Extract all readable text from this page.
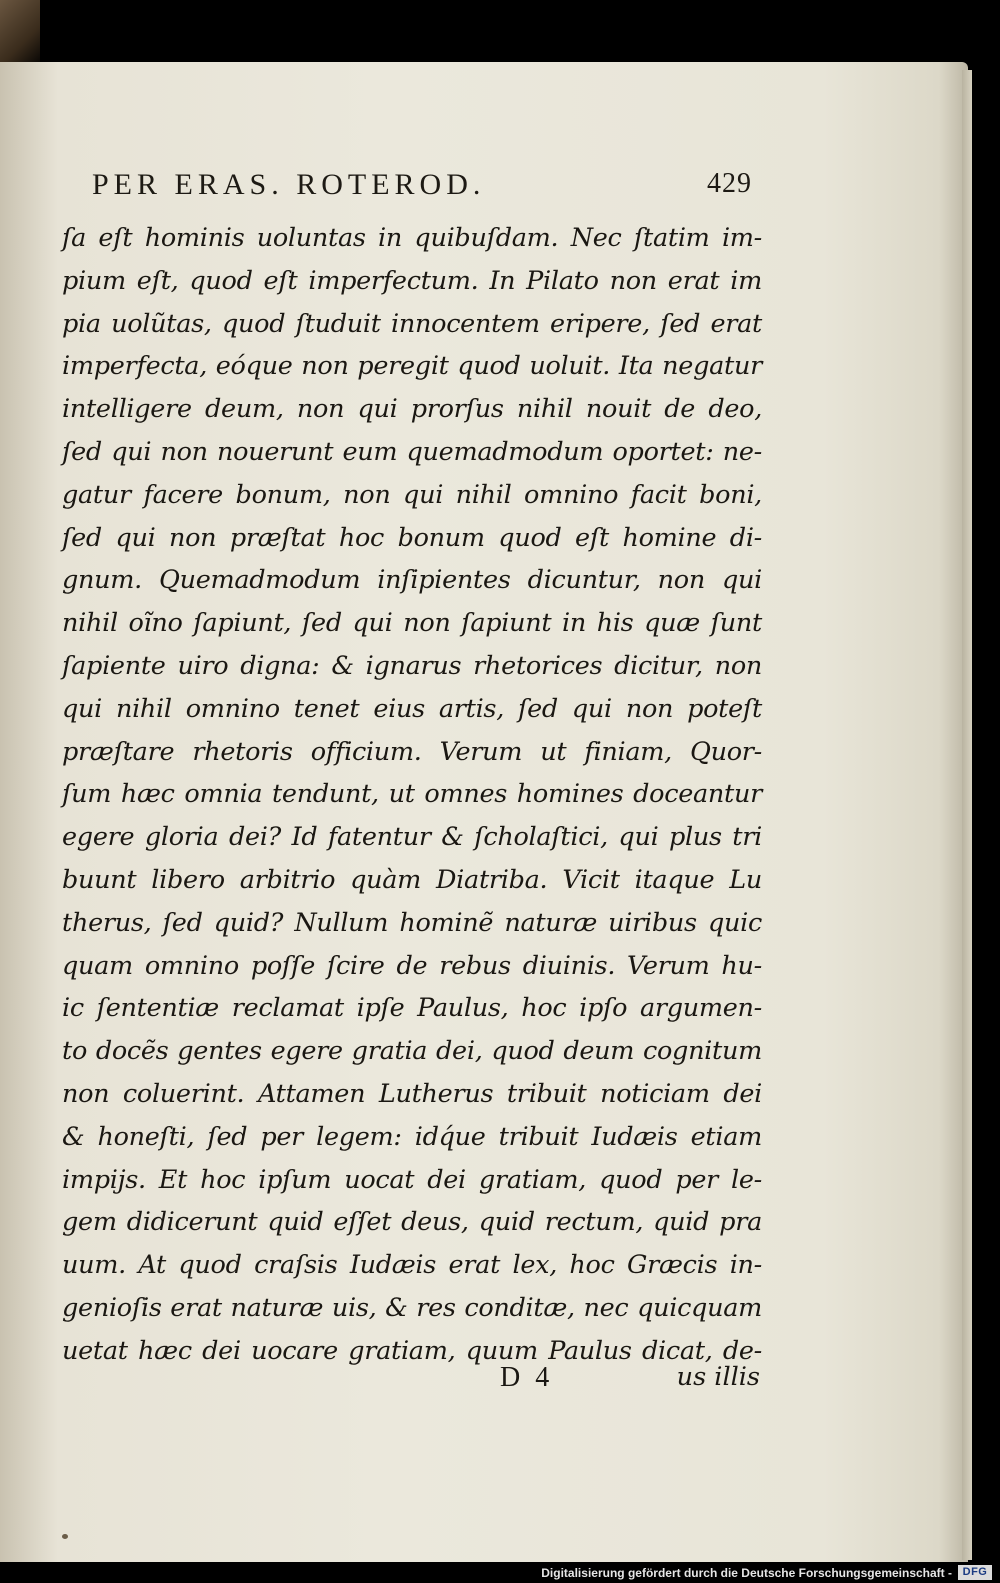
PER ERAS. ROTEROD.	429
ſa eſt hominis uoluntas in quibuſdam. Nec ſtatim im-
pium eſt, quod eſt imperfectum. In Pilato non erat im
pia uolũtas, quod ſtuduit innocentem eripere, ſed erat
imperfecta, eóque non peregit quod uoluit. Ita negatur
intelligere deum, non qui prorſus nihil nouit de deo,
ſed qui non nouerunt eum quemadmodum oportet: ne-
gatur facere bonum, non qui nihil omnino facit boni,
ſed qui non præſtat hoc bonum quod eſt homine di-
gnum. Quemadmodum inſipientes dicuntur, non qui
nihil oĩno ſapiunt, ſed qui non ſapiunt in his quæ ſunt
ſapiente uiro digna: & ignarus rhetorices dicitur, non
qui nihil omnino tenet eius artis, ſed qui non poteſt
præſtare rhetoris officium. Verum ut finiam, Quor-
ſum hæc omnia tendunt, ut omnes homines doceantur
egere gloria dei? Id fatentur & ſcholaſtici, qui plus tri
buunt libero arbitrio quàm Diatriba. Vicit itaque Lu
therus, ſed quid? Nullum hominẽ naturæ uiribus quic
quam omnino poſſe ſcire de rebus diuinis. Verum hu-
ic ſententiæ reclamat ipſe Paulus, hoc ipſo argumen-
to docẽs gentes egere gratia dei, quod deum cognitum
non coluerint. Attamen Lutherus tribuit noticiam dei
& honeſti, ſed per legem: idq́ue tribuit Iudæis etiam
impijs. Et hoc ipſum uocat dei gratiam, quod per le-
gem didicerunt quid eſſet deus, quid rectum, quid pra
uum. At quod craſsis Iudæis erat lex, hoc Græcis in-
genioſis erat naturæ uis, & res conditæ, nec quicquam
uetat hæc dei uocare gratiam, quum Paulus dicat, de-
D 4	us illis
Digitalisierung gefördert durch die Deutsche Forschungsgemeinschaft - DFG
